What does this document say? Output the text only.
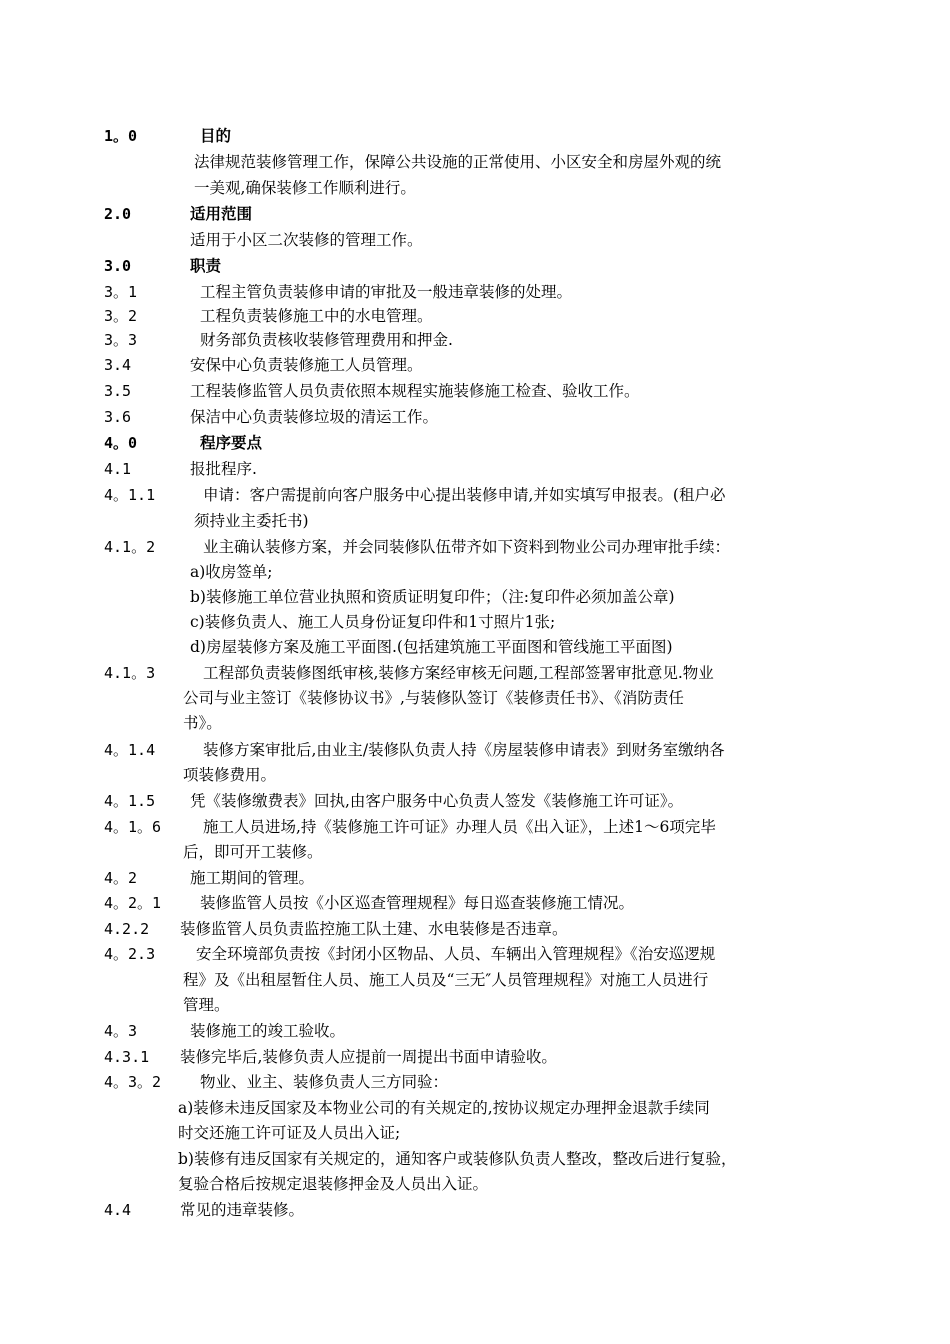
1。0	目的
法律规范装修管理工作，保障公共设施的正常使用、小区安全和房屋外观的统
一美观,确保装修工作顺利进行。
2.0	适用范围
适用于小区二次装修的管理工作。
3.0	职责
3。1	工程主管负责装修申请的审批及一般违章装修的处理。
3。2	工程负责装修施工中的水电管理。
3。3	财务部负责核收装修管理费用和押金.
3.4	安保中心负责装修施工人员管理。
3.5	工程装修监管人员负责依照本规程实施装修施工检查、验收工作。
3.6	保洁中心负责装修垃圾的清运工作。
4。0	程序要点
4.1	报批程序.
4。1.1	申请：客户需提前向客户服务中心提出装修申请,并如实填写申报表。(租户必
须持业主委托书)
4.1。2	业主确认装修方案，并会同装修队伍带齐如下资料到物业公司办理审批手续：
a)收房签单;
b)装修施工单位营业执照和资质证明复印件；（注:复印件必须加盖公章)
c)装修负责人、施工人员身份证复印件和1寸照片1张;
d)房屋装修方案及施工平面图.(包括建筑施工平面图和管线施工平面图)
4.1。3	工程部负责装修图纸审核,装修方案经审核无问题,工程部签署审批意见.物业
公司与业主签订《装修协议书》,与装修队签订《装修责任书》、《消防责任
书》。
4。1.4	装修方案审批后,由业主/装修队负责人持《房屋装修申请表》到财务室缴纳各
项装修费用。
4。1.5 凭《装修缴费表》回执,由客户服务中心负责人签发《装修施工许可证》。
4。1。6	施工人员进场,持《装修施工许可证》办理人员《出入证》，上述1～6项完毕
后，即可开工装修。
4。2	施工期间的管理。
4。2。1	装修监管人员按《小区巡查管理规程》每日巡查装修施工情况。
4.2.2 装修监管人员负责监控施工队土建、水电装修是否违章。
4。2.3	安全环境部负责按《封闭小区物品、人员、车辆出入管理规程》《治安巡逻规
程》及《出租屋暂住人员、施工人员及“三无″人员管理规程》对施工人员进行
管理。
4。3	装修施工的竣工验收。
4.3.1 装修完毕后,装修负责人应提前一周提出书面申请验收。
4。3。2	物业、业主、装修负责人三方同验：
a)装修未违反国家及本物业公司的有关规定的,按协议规定办理押金退款手续同
时交还施工许可证及人员出入证;
b)装修有违反国家有关规定的，通知客户或装修队负责人整改，整改后进行复验，
复验合格后按规定退装修押金及人员出入证。
4.4	常见的违章装修。
